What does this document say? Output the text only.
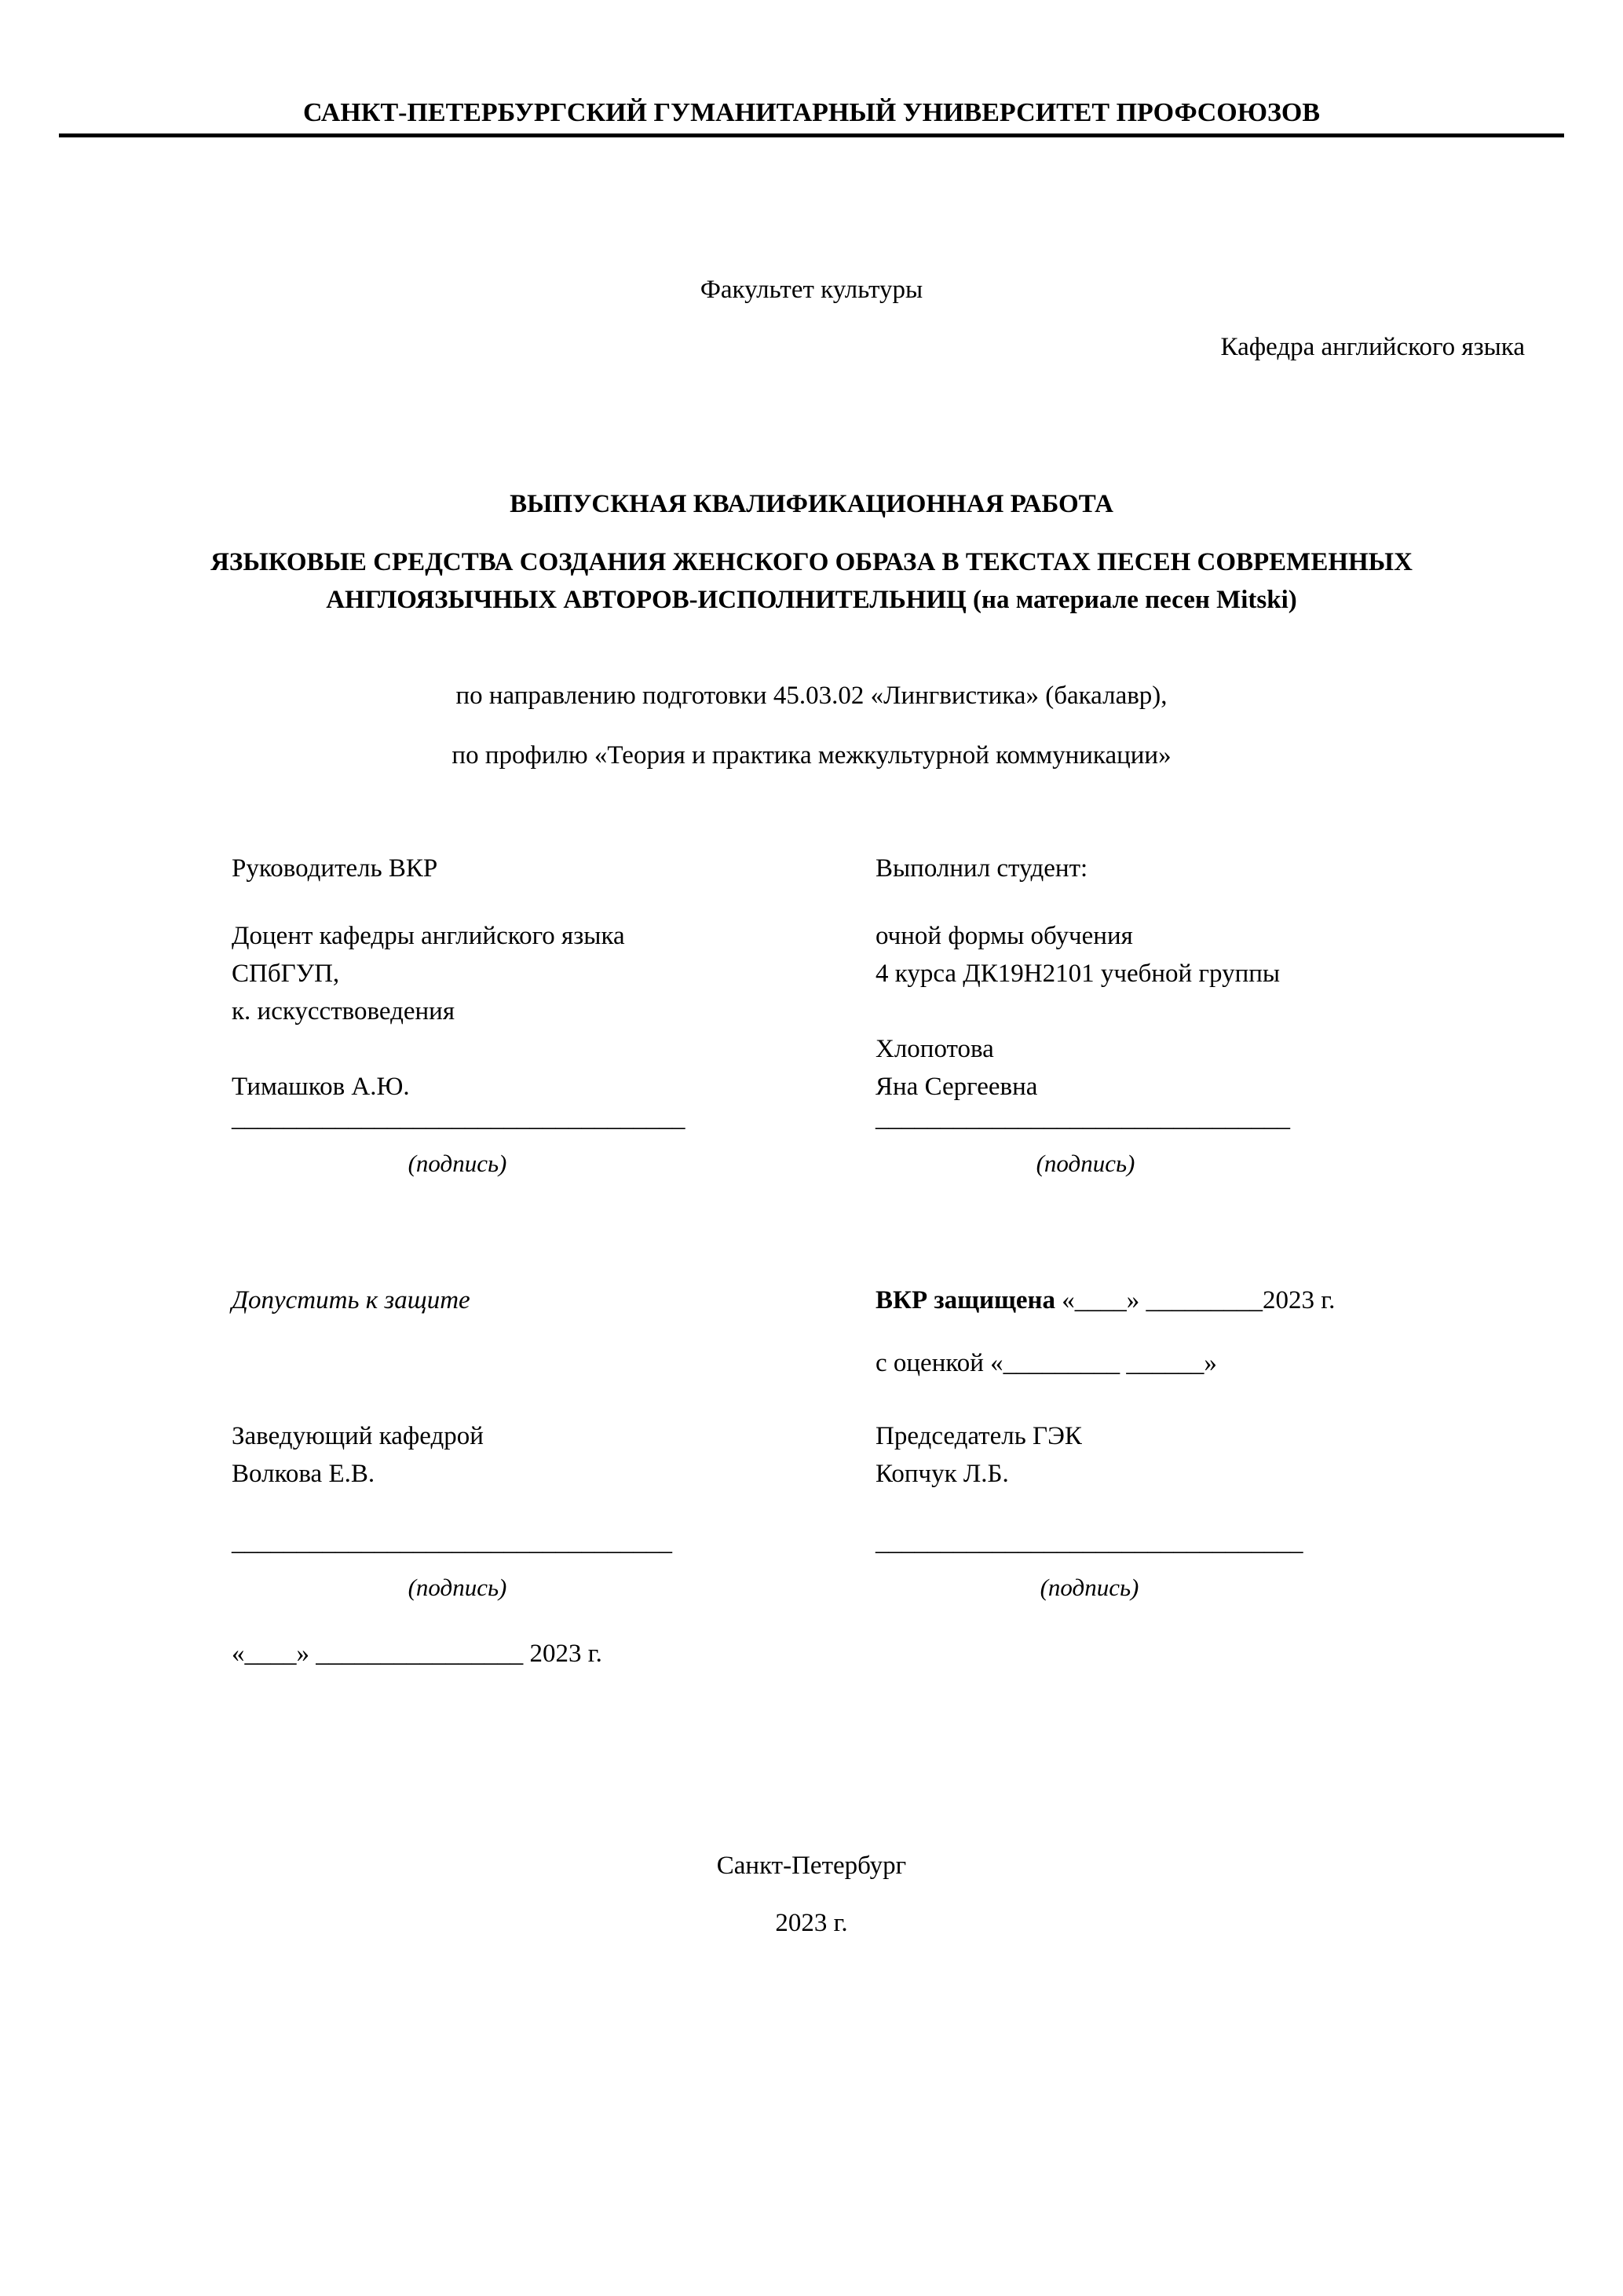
САНКТ-ПЕТЕРБУРГСКИЙ ГУМАНИТАРНЫЙ УНИВЕРСИТЕТ ПРОФСОЮЗОВ
Факультет культуры
Кафедра английского языка
ВЫПУСКНАЯ КВАЛИФИКАЦИОННАЯ РАБОТА
ЯЗЫКОВЫЕ СРЕДСТВА СОЗДАНИЯ ЖЕНСКОГО ОБРАЗА В ТЕКСТАХ ПЕСЕН СОВРЕМЕННЫХ АНГЛОЯЗЫЧНЫХ АВТОРОВ-ИСПОЛНИТЕЛЬНИЦ (на материале песен Mitski)
по направлению подготовки 45.03.02 «Лингвистика» (бакалавр),
по профилю «Теория и практика межкультурной коммуникации»
Руководитель ВКР	Выполнил студент:
Доцент кафедры английского языка
СПбГУП,
к. искусствоведения
очной формы обучения
4 курса ДК19Н2101 учебной группы
Хлопотова
Яна Сергеевна
Тимашков А.Ю.
___________________________________
(подпись)
________________________________
(подпись)
Допустить к защите	ВКР защищена «____» _________2023 г.
с оценкой «_________ ______»
Заведующий кафедрой
Волкова Е.В.
Председатель ГЭК
Копчук Л.Б.
__________________________________
(подпись)
_________________________________
(подпись)
«____» ________________ 2023 г.
Санкт-Петербург
2023 г.
